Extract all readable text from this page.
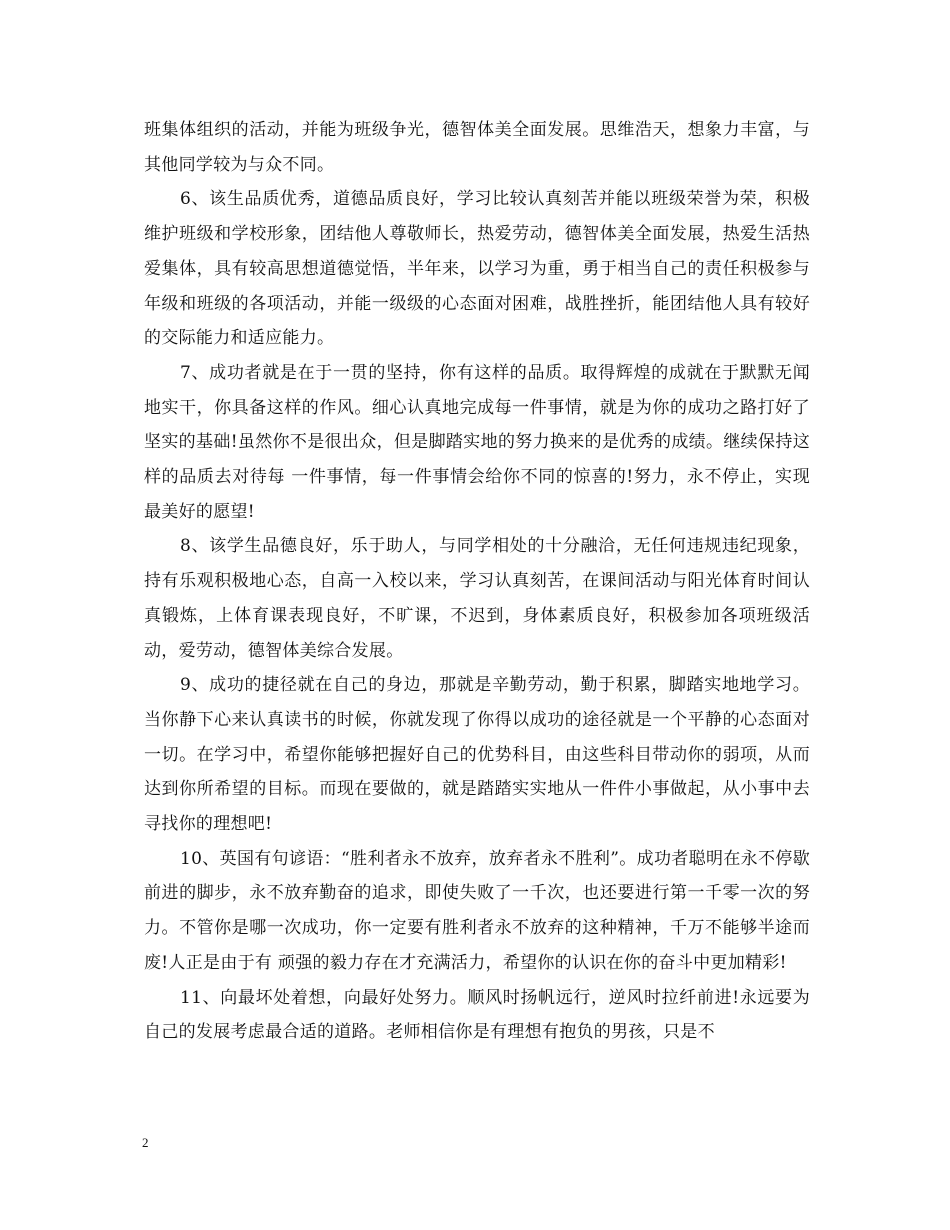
班集体组织的活动，并能为班级争光，德智体美全面发展。思维浩天，想象力丰富，与其他同学较为与众不同。

6、该生品质优秀，道德品质良好，学习比较认真刻苦并能以班级荣誉为荣，积极维护班级和学校形象，团结他人尊敬师长，热爱劳动，德智体美全面发展，热爱生活热爱集体，具有较高思想道德觉悟，半年来，以学习为重，勇于相当自己的责任积极参与年级和班级的各项活动，并能一级级的心态面对困难，战胜挫折，能团结他人具有较好的交际能力和适应能力。

7、成功者就是在于一贯的坚持，你有这样的品质。取得辉煌的成就在于默默无闻地实干，你具备这样的作风。细心认真地完成每一件事情，就是为你的成功之路打好了坚实的基础!虽然你不是很出众，但是脚踏实地的努力换来的是优秀的成绩。继续保持这样的品质去对待每 一件事情，每一件事情会给你不同的惊喜的!努力，永不停止，实现最美好的愿望!

8、该学生品德良好，乐于助人，与同学相处的十分融洽，无任何违规违纪现象，持有乐观积极地心态，自高一入校以来，学习认真刻苦，在课间活动与阳光体育时间认真锻炼，上体育课表现良好，不旷课，不迟到，身体素质良好，积极参加各项班级活动，爱劳动，德智体美综合发展。

9、成功的捷径就在自己的身边，那就是辛勤劳动，勤于积累，脚踏实地地学习。当你静下心来认真读书的时候，你就发现了你得以成功的途径就是一个平静的心态面对一切。在学习中，希望你能够把握好自己的优势科目，由这些科目带动你的弱项，从而达到你所希望的目标。而现在要做的，就是踏踏实实地从一件件小事做起，从小事中去寻找你的理想吧!

10、英国有句谚语：“胜利者永不放弃，放弃者永不胜利”。成功者聪明在永不停歇前进的脚步，永不放弃勤奋的追求，即使失败了一千次，也还要进行第一千零一次的努力。不管你是哪一次成功，你一定要有胜利者永不放弃的这种精神，千万不能够半途而废!人正是由于有 顽强的毅力存在才充满活力，希望你的认识在你的奋斗中更加精彩!

11、向最坏处着想，向最好处努力。顺风时扬帆远行，逆风时拉纤前进!永远要为自己的发展考虑最合适的道路。老师相信你是有理想有抱负的男孩，只是不

2
